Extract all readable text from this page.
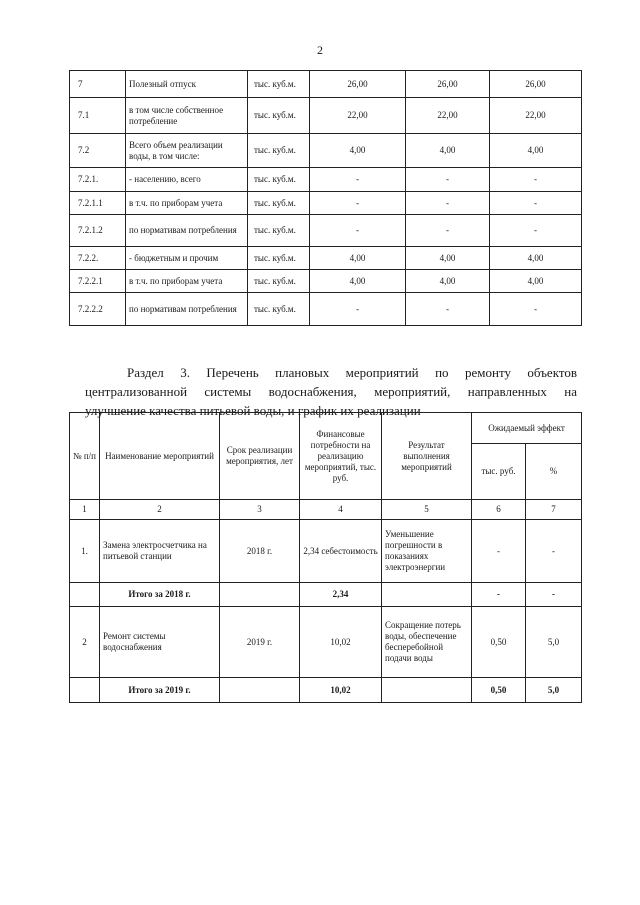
2
7	Полезный отпуск	тыс. куб.м.	26,00	26,00	26,00
7.1	в том числе собственное потребление	тыс. куб.м.	22,00	22,00	22,00
7.2	Всего объем реализации воды, в том числе:	тыс. куб.м.	4,00	4,00	4,00
7.2.1.	- населению, всего	тыс. куб.м.	-	-	-
7.2.1.1	в т.ч. по приборам учета	тыс. куб.м.	-	-	-
7.2.1.2	по нормативам потребления	тыс. куб.м.	-	-	-
7.2.2.	- бюджетным и прочим	тыс. куб.м.	4,00	4,00	4,00
7.2.2.1	в т.ч. по приборам учета	тыс. куб.м.	4,00	4,00	4,00
7.2.2.2	по нормативам потребления	тыс. куб.м.	-	-	-
Раздел 3. Перечень плановых мероприятий по ремонту объектов
централизованной системы водоснабжения, мероприятий, направленных на
улучшение качества питьевой воды, и график их реализации
№ п/п	Наименование мероприятий	Срок реализации мероприятия, лет	Финансовые потребности на реализацию мероприятий, тыс. руб.	Результат выполнения мероприятий	Ожидаемый эффект	
					тыс. руб.	%
1	2	3	4	5	6	7
1.	Замена электросчетчика на питьевой станции	2018 г.	2,34 себестоимость	Уменьшение погрешности в показаниях электроэнергии	-	-
	Итого за 2018 г.		2,34		-	-
2	Ремонт системы водоснабжения	2019 г.	10,02	Сокращение потерь воды, обеспечение бесперебойной подачи воды	0,50	5,0
	Итого за 2019 г.		10,02		0,50	5,0
